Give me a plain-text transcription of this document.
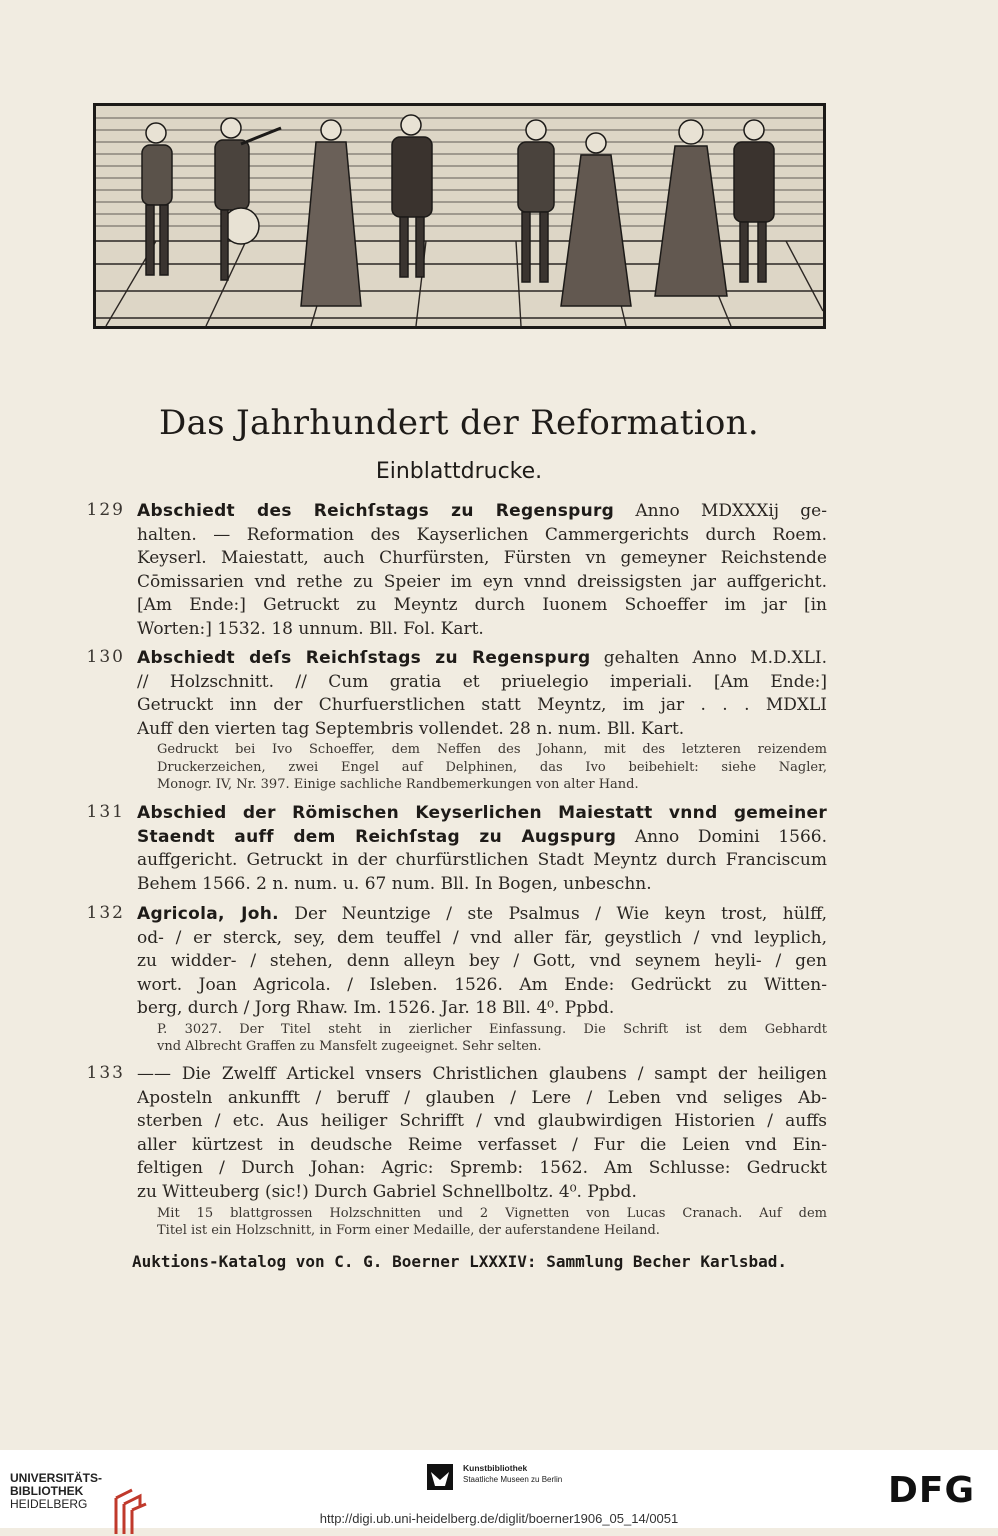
Das Jahrhundert der Reformation.
Einblattdrucke.
129 Abschiedt des Reichſstags zu Regenspurg Anno MDXXXij ge-
halten. — Reformation des Kayserlichen Cammergerichts durch Roem.
Keyserl. Maiestatt, auch Churfürsten, Fürsten vn gemeyner Reichstende
Cōmissarien vnd rethe zu Speier im eyn vnnd dreissigsten jar auffgericht.
[Am Ende:] Getruckt zu Meyntz durch Iuonem Schoeffer im jar [in
Worten:] 1532. 18 unnum. Bll. Fol. Kart.
130 Abschiedt deſs Reichſstags zu Regenspurg gehalten Anno M.D.XLI.
// Holzschnitt. // Cum gratia et priuelegio imperiali. [Am Ende:]
Getruckt inn der Churfuerstlichen statt Meyntz, im jar . . . MDXLI
Auff den vierten tag Septembris vollendet. 28 n. num. Bll. Kart.
Gedruckt bei Ivo Schoeffer, dem Neffen des Johann, mit des letzteren reizendem
Druckerzeichen, zwei Engel auf Delphinen, das Ivo beibehielt: siehe Nagler,
Monogr. IV, Nr. 397. Einige sachliche Randbemerkungen von alter Hand.
131 Abschied der Römischen Keyserlichen Maiestatt vnnd gemeiner
Staendt auff dem Reichſstag zu Augspurg Anno Domini 1566.
auffgericht. Getruckt in der churfürstlichen Stadt Meyntz durch Franciscum
Behem 1566. 2 n. num. u. 67 num. Bll. In Bogen, unbeschn.
132 Agricola, Joh. Der Neuntzige / ste Psalmus / Wie keyn trost, hülff,
od- / er sterck, sey, dem teuffel / vnd aller fär, geystlich / vnd leyplich,
zu widder- / stehen, denn alleyn bey / Gott, vnd seynem heyli- / gen
wort. Joan Agricola. / Isleben. 1526. Am Ende: Gedrückt zu Witten-
berg, durch / Jorg Rhaw. Im. 1526. Jar. 18 Bll. 4⁰. Ppbd.
P. 3027. Der Titel steht in zierlicher Einfassung. Die Schrift ist dem Gebhardt
vnd Albrecht Graffen zu Mansfelt zugeeignet. Sehr selten.
133 —— Die Zwelff Artickel vnsers Christlichen glaubens / sampt der heiligen
Aposteln ankunfft / beruff / glauben / Lere / Leben vnd seliges Ab-
sterben / etc. Aus heiliger Schrifft / vnd glaubwirdigen Historien / auffs
aller kürtzest in deudsche Reime verfasset / Fur die Leien vnd Ein-
feltigen / Durch Johan: Agric: Spremb: 1562. Am Schlusse: Gedruckt
zu Witteuberg (sic!) Durch Gabriel Schnellboltz. 4⁰. Ppbd.
Mit 15 blattgrossen Holzschnitten und 2 Vignetten von Lucas Cranach. Auf dem
Titel ist ein Holzschnitt, in Form einer Medaille, der auferstandene Heiland.
Auktions-Katalog von C. G. Boerner LXXXIV: Sammlung Becher Karlsbad.
UNIVERSITÄTS-
BIBLIOTHEK
HEIDELBERG
Kunstbibliothek
Staatliche Museen zu Berlin	DFG
http://digi.ub.uni-heidelberg.de/diglit/boerner1906_05_14/0051
